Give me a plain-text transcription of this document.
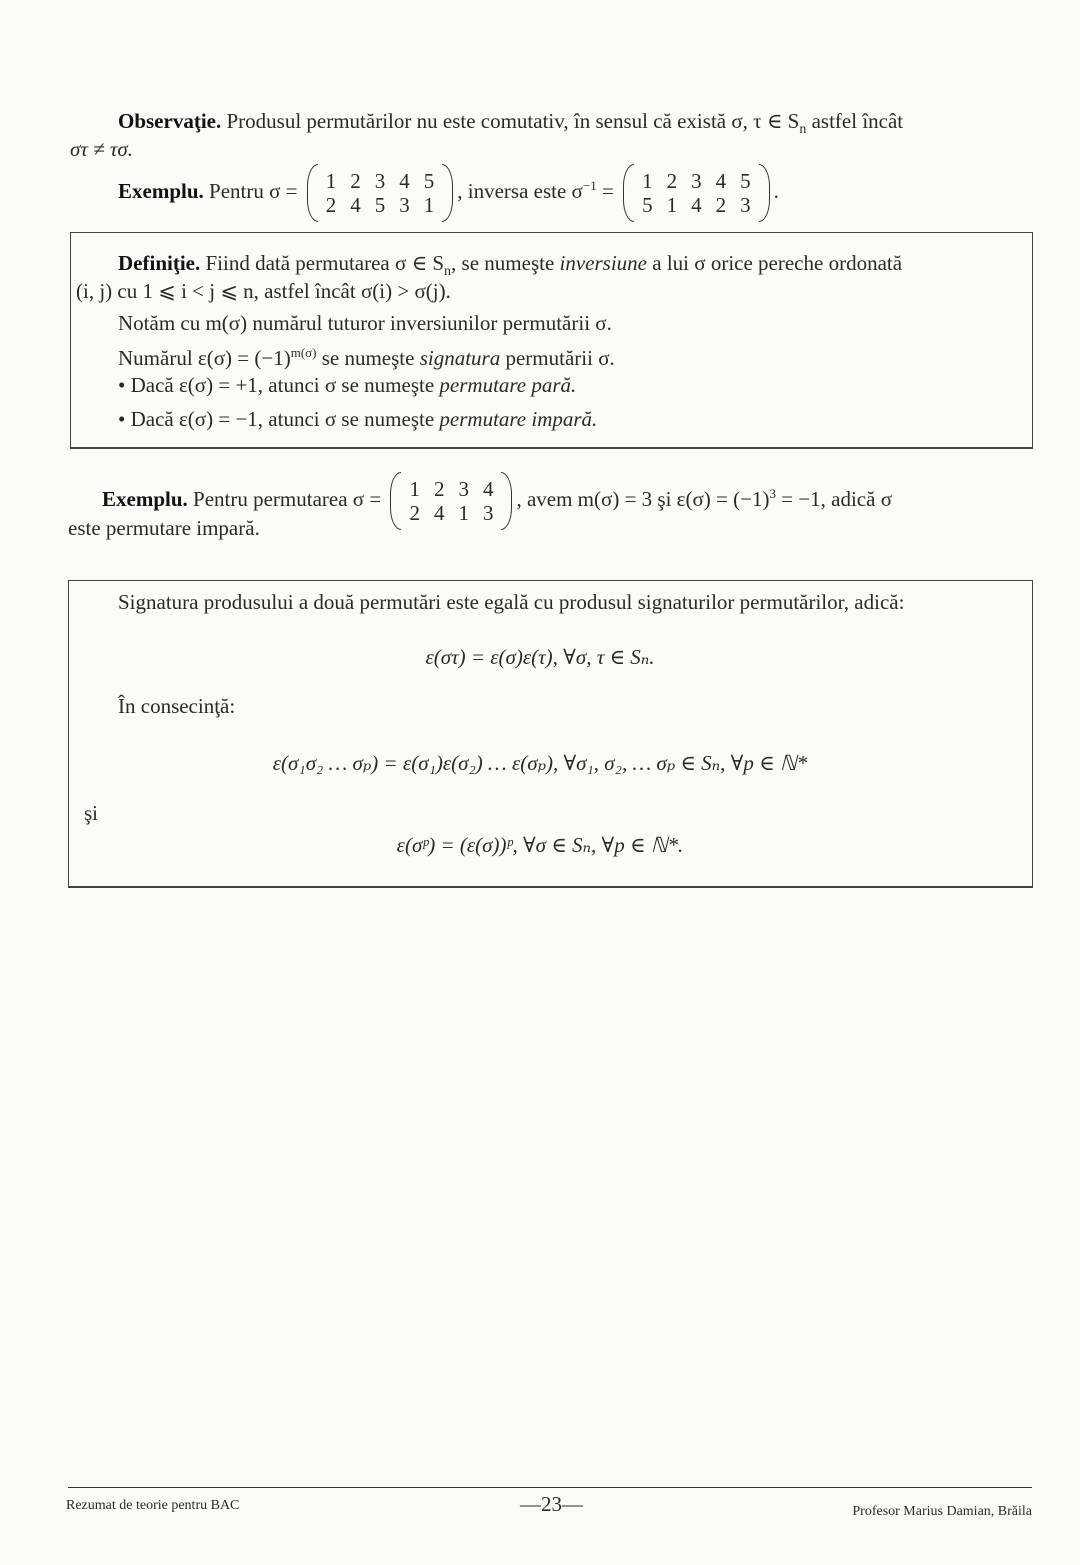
Observaţie. Produsul permutărilor nu este comutativ, în sensul că există σ, τ ∈ $S_n$ astfel încât
στ ≠ τσ.
Exemplu. Pentru σ = 1 2 3 4 5
2 4 5 3 1
, inversa este $\sigma^{-1} = 1$ 2 3 4 5
5 1 4 2 3
.
Definiţie. Fiind dată permutarea σ ∈ $S_n$, se numeşte inversiune a lui σ orice pereche ordonată
(i, j) cu 1 ⩽ i < j ⩽ n, astfel încât σ(i) > σ(j).
Notăm cu m(σ) numărul tuturor inversiunilor permutării σ.
Numărul $\varepsilon(\sigma) = (-1)^{m(\sigma)}$ se numeşte signatura permutării σ.
• Dacă ε(σ) = +1, atunci σ se numeşte permutare pară.
• Dacă ε(σ) = −1, atunci σ se numeşte permutare impară.
Exemplu. Pentru permutarea σ = 1 2 3 4
2 4 1 3
, avem m(σ) = 3 şi $\varepsilon(\sigma) = (-1)^3 = -1$, adică σ
este permutare impară.
Signatura produsului a două permutări este egală cu produsul signaturilor permutărilor, adică:
ε(στ) = ε(σ)ε(τ), ∀σ, τ ∈ Sₙ.
În consecinţă:
ε(σ₁σ₂ … σₚ) = ε(σ₁)ε(σ₂) … ε(σₚ), ∀σ₁, σ₂, … σₚ ∈ Sₙ, ∀p ∈ ℕ*
şi
ε(σᵖ) = (ε(σ))ᵖ, ∀σ ∈ Sₙ, ∀p ∈ ℕ*.
Rezumat de teorie pentru BAC	—23—	Profesor Marius Damian, Brăila
